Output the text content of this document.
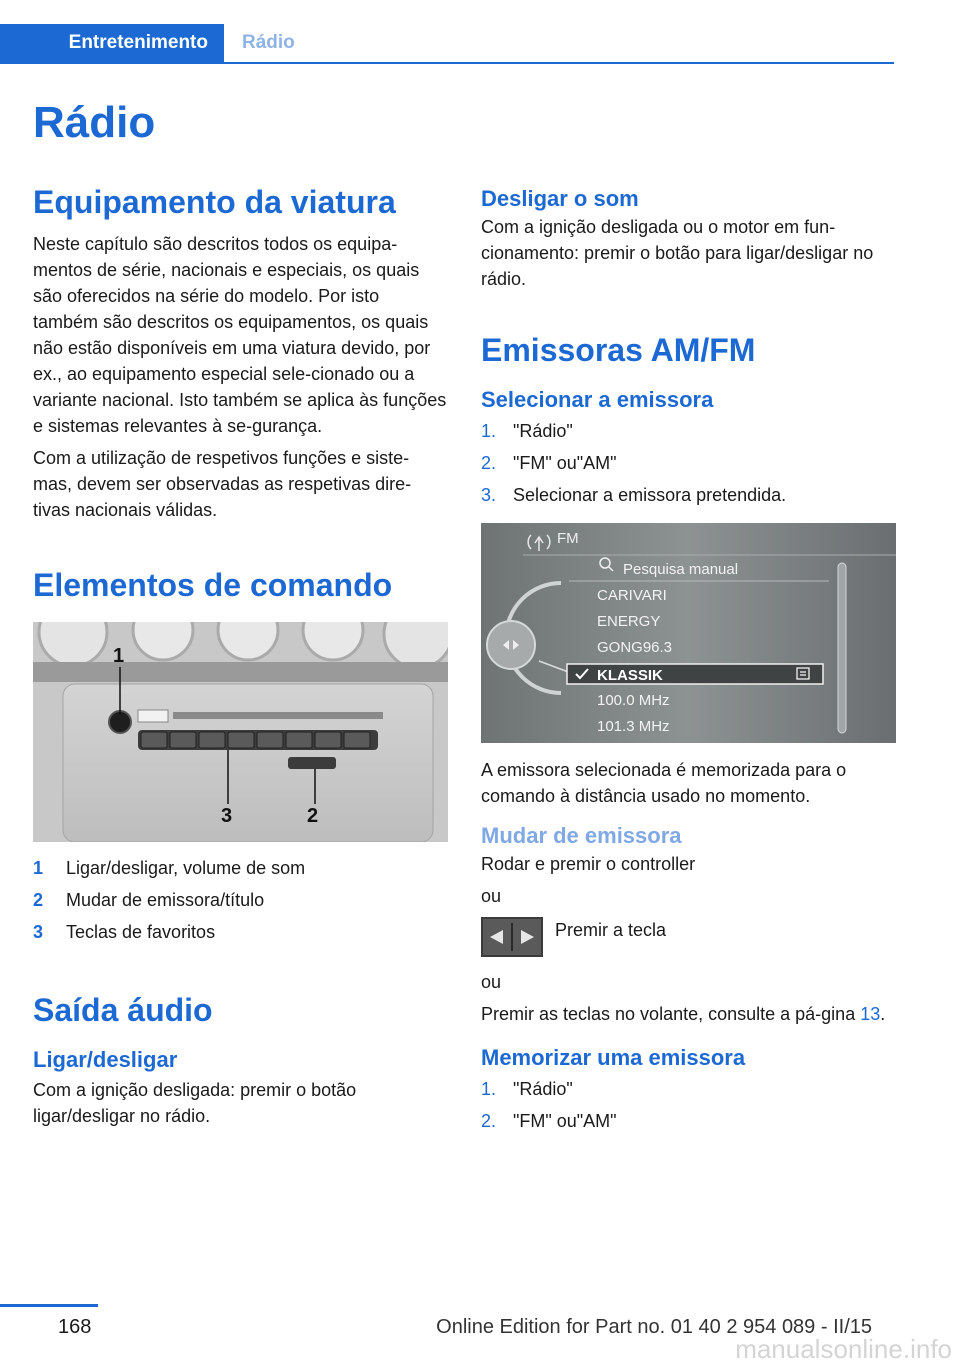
Entretenimento	Rádio
Rádio
Equipamento da viatura

Neste capítulo são descritos todos os equipa-mentos de série, nacionais e especiais, os quais são oferecidos na série do modelo. Por isto também são descritos os equipamentos, os quais não estão disponíveis em uma viatura devido, por ex., ao equipamento especial sele-cionado ou a variante nacional. Isto também se aplica às funções e sistemas relevantes à se-gurança.

Com a utilização de respetivos funções e siste-mas, devem ser observadas as respetivas dire-tivas nacionais válidas.

Elementos de comando
1
3	2
1	Ligar/desligar, volume de som
2	Mudar de emissora/título
3	Teclas de favoritos
Saída áudio
Ligar/desligar

Com a ignição desligada: premir o botão ligar/desligar no rádio.

Desligar o som

Com a ignição desligada ou o motor em fun-cionamento: premir o botão para ligar/desligar no rádio.

Emissoras AM/FM
Selecionar a emissora
1. "Rádio"
2. "FM" ou"AM"
3. Selecionar a emissora pretendida.
FM
Pesquisa manual
CARIVARI
ENERGY
GONG96.3
KLASSIK
100.0 MHz
101.3 MHz

A emissora selecionada é memorizada para o comando à distância usado no momento.

Mudar de emissora

Rodar e premir o controller

ou

Premir a tecla

ou

Premir as teclas no volante, consulte a pá-gina 13.

Memorizar uma emissora
1. "Rádio"
2. "FM" ou"AM"
168	Online Edition for Part no. 01 40 2 954 089 - II/15
manualsonline.info
